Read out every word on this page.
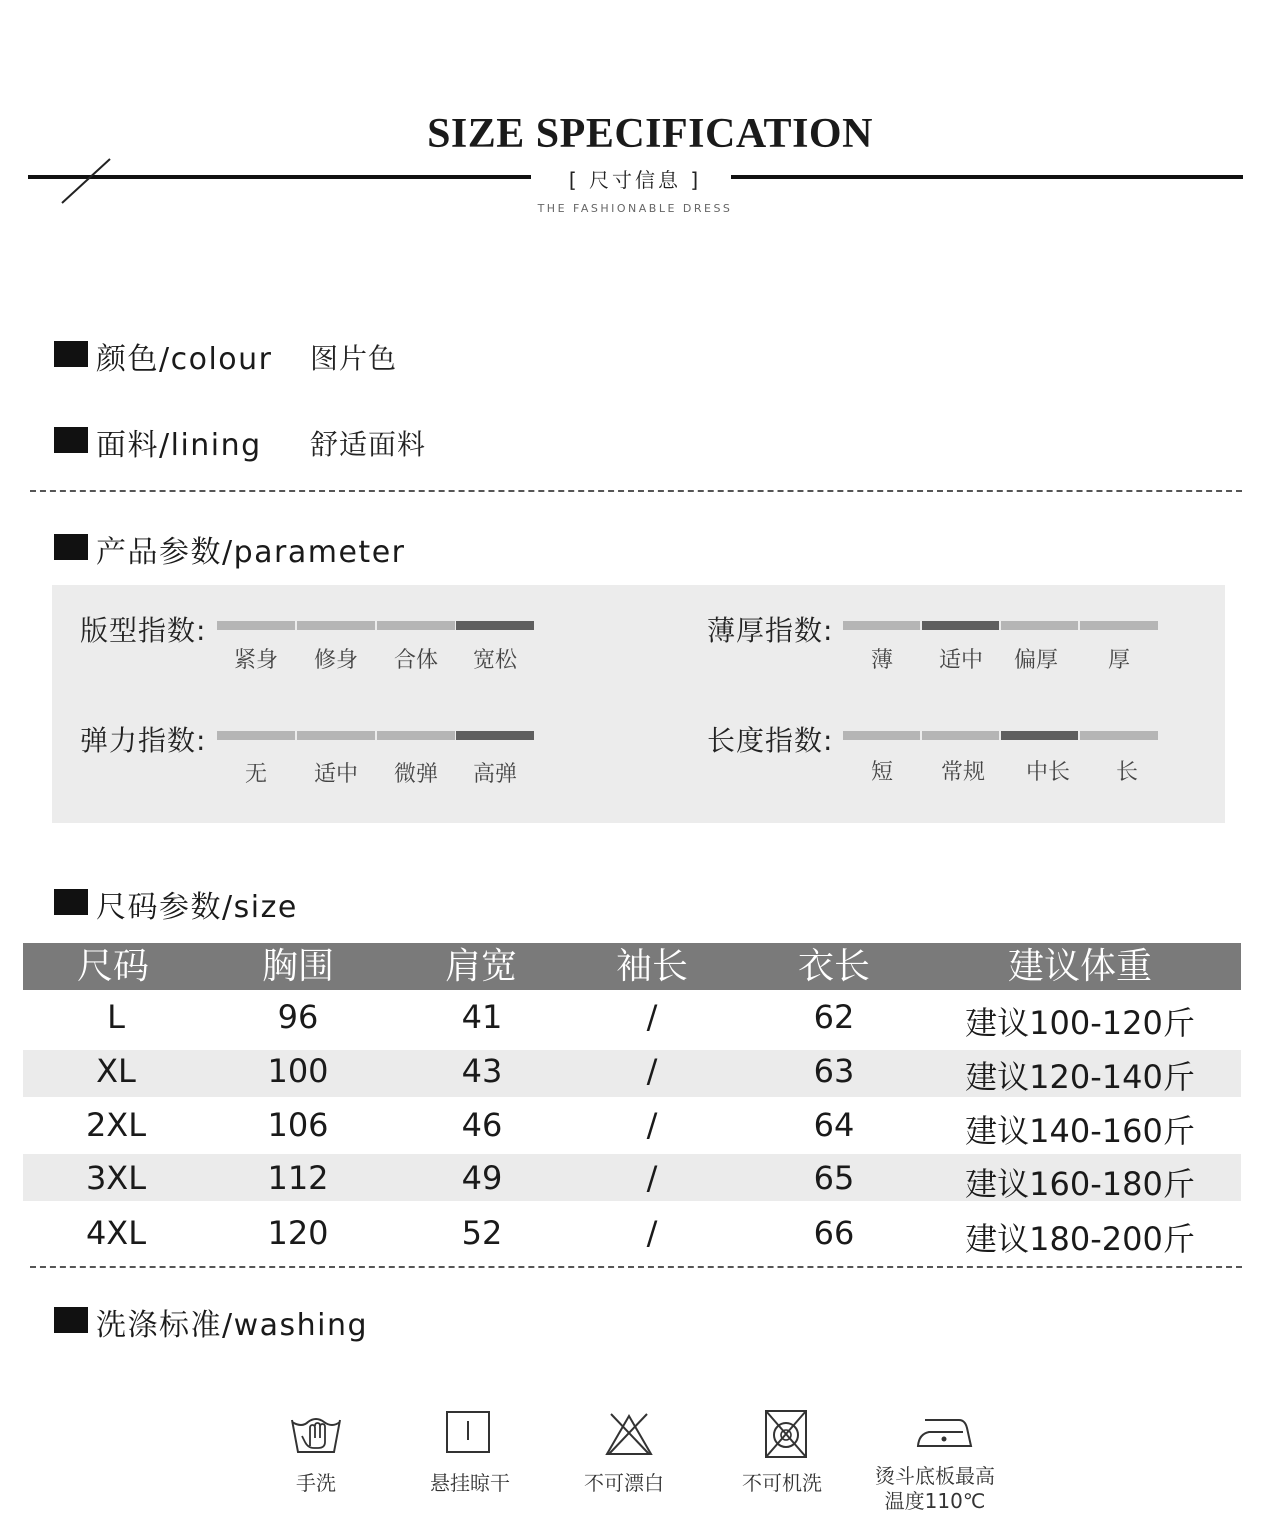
SIZE SPECIFICATION
[ 尺寸信息 ]
THE FASHIONABLE DRESS
颜色/colour 图片色
面料/lining 舒适面料
产品参数/parameter
版型指数:
紧身	修身	合体	宽松
薄厚指数:
薄	适中	偏厚	厚
弹力指数:
无	适中	微弹	高弹
长度指数:
短	常规	中长	长
尺码参数/size
尺码	胸围	肩宽	袖长	衣长	建议体重
L	96	41	/	62	建议100-120斤
XL	100	43	/	63	建议120-140斤
2XL	106	46	/	64	建议140-160斤
3XL	112	49	/	65	建议160-180斤
4XL	120	52	/	66	建议180-200斤
洗涤标准/washing
手洗	悬挂晾干	不可漂白	不可机洗	烫斗底板最高
温度110℃
